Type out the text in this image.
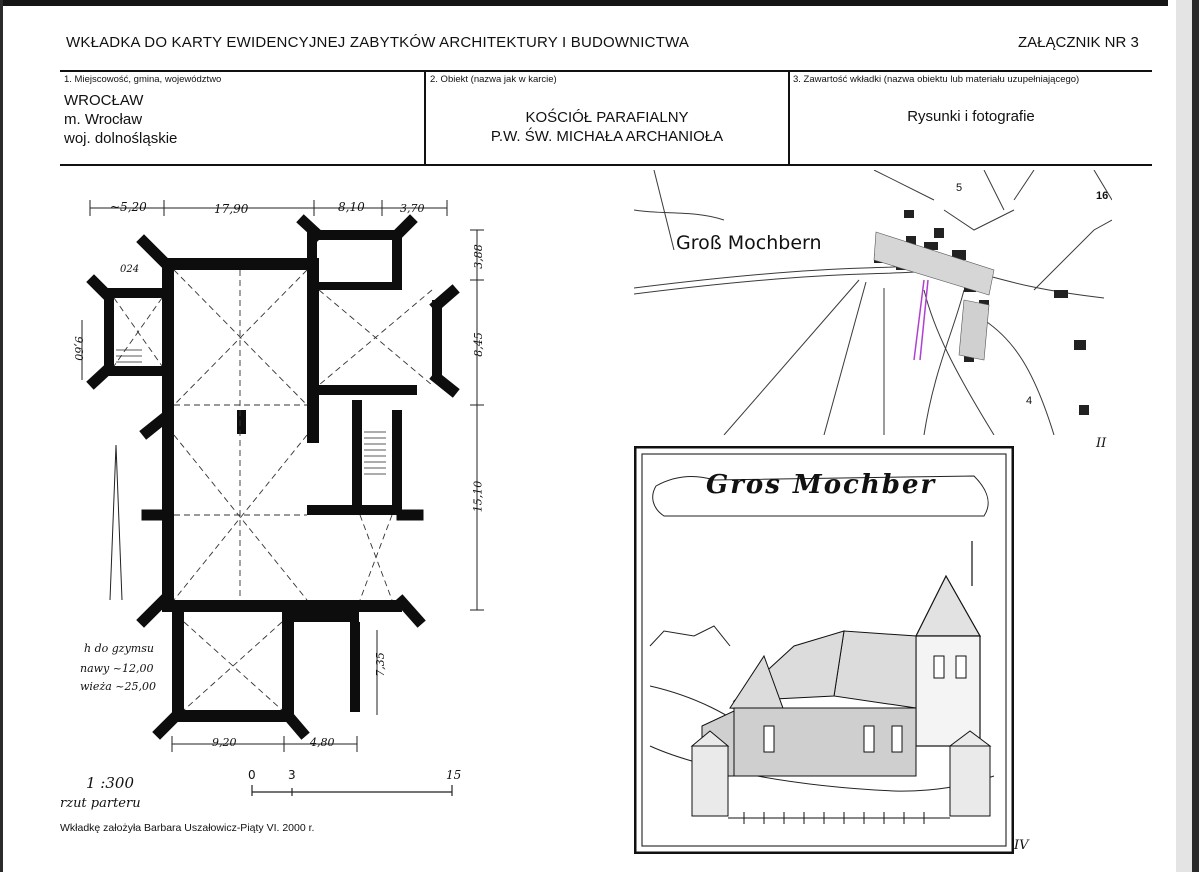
WKŁADKA DO KARTY EWIDENCYJNEJ ZABYTKÓW ARCHITEKTURY I BUDOWNICTWA	ZAŁĄCZNIK NR 3
1. Miejscowość, gmina, województwo
WROCŁAW
m. Wrocław
woj. dolnośląskie
2. Obiekt (nazwa jak w karcie)
KOŚCIÓŁ PARAFIALNY
P.W. ŚW. MICHAŁA ARCHANIOŁA
3. Zawartość wkładki (nazwa obiektu lub materiału uzupełniającego)
Rysunki i fotografie
~5,20	17,90	8,10	3,70
3,88
8,45
15,10
7,35
024
9,60
9,20	4,80
h do gzymsu
nawy ~12,00
wieża ~25,00
1 :300
rzut parteru
0	3	15
Groß Mochbern
5
16
4
II
Gros Mochber
IV
Wkładkę założyła Barbara Uszałowicz-Piąty VI. 2000 r.
